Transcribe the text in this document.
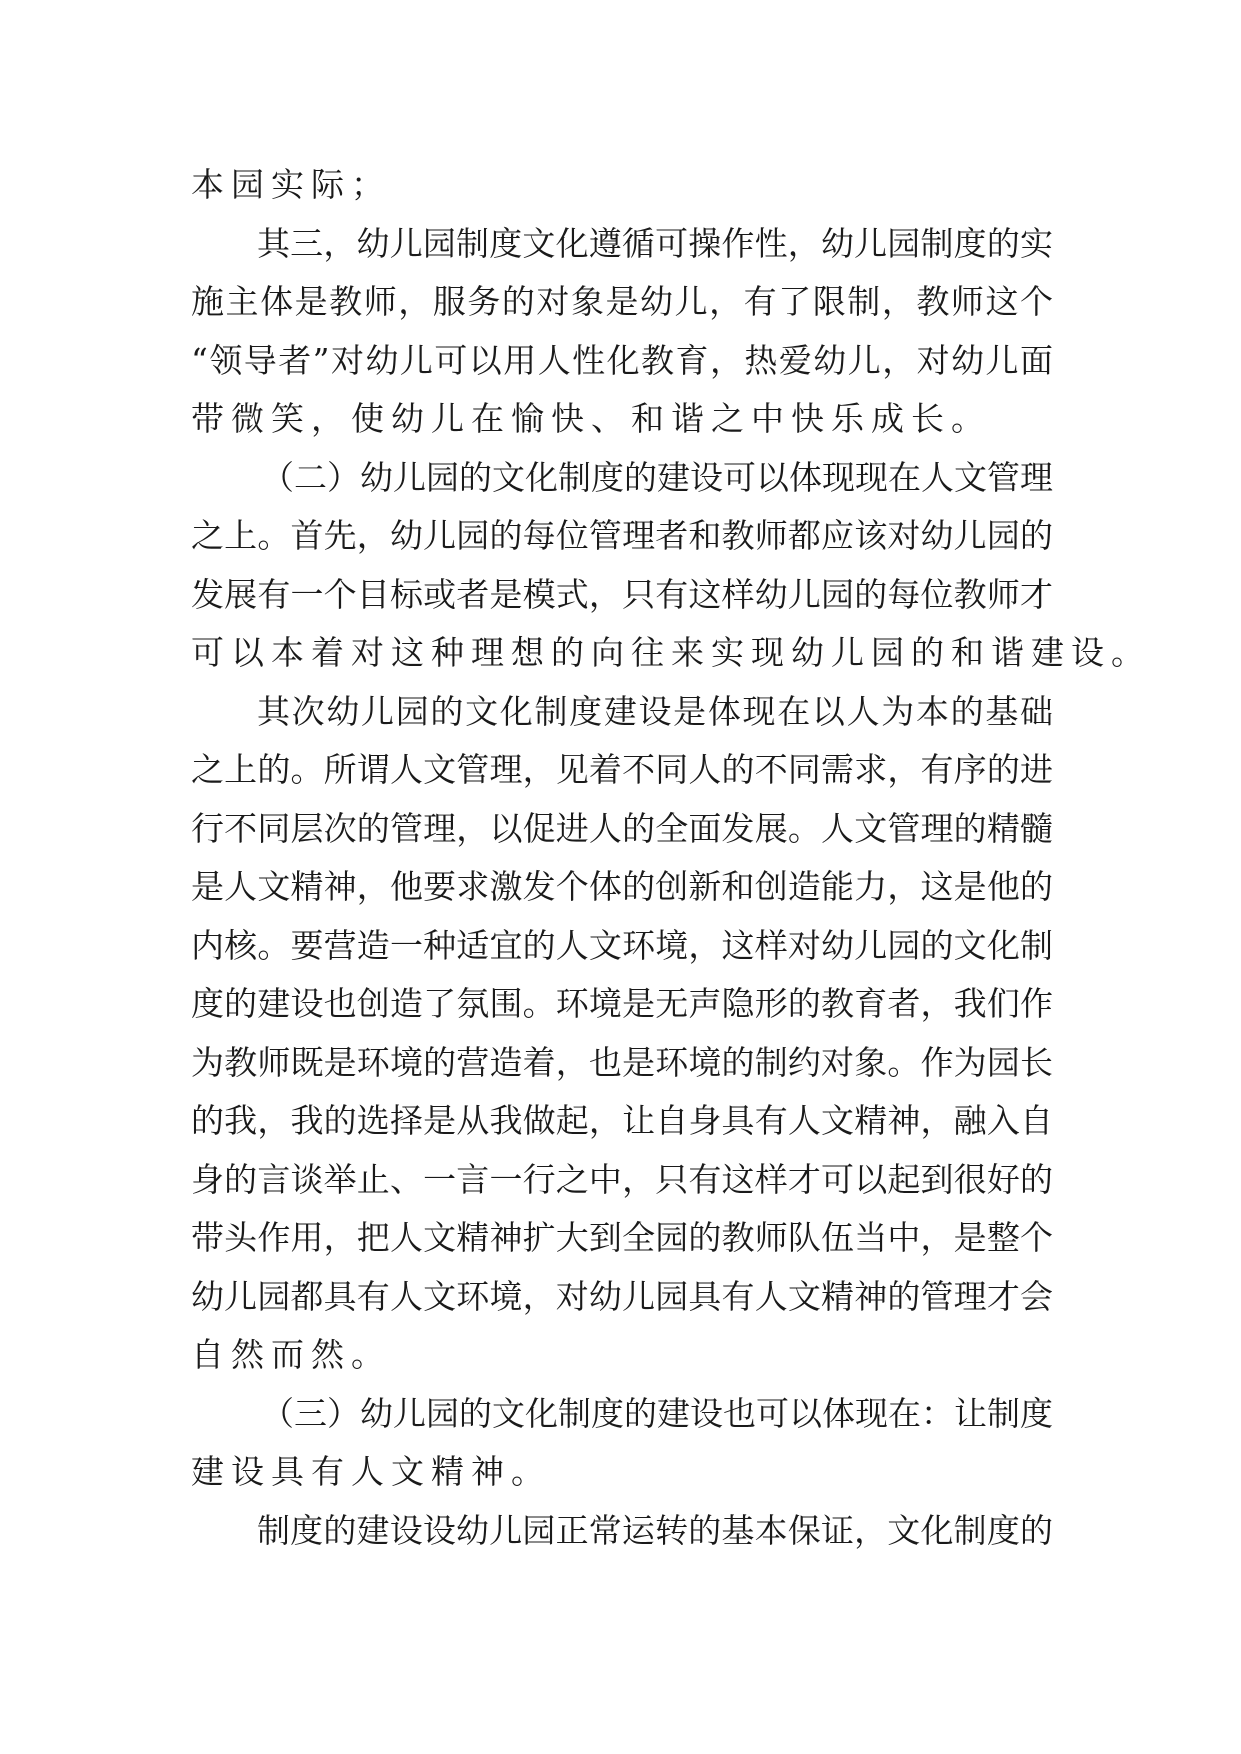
本园实际；
其三，幼儿园制度文化遵循可操作性，幼儿园制度的实
施主体是教师，服务的对象是幼儿，有了限制，教师这个
“领导者”对幼儿可以用人性化教育，热爱幼儿，对幼儿面
带微笑，使幼儿在愉快、和谐之中快乐成长。
（二）幼儿园的文化制度的建设可以体现现在人文管理
之上。首先，幼儿园的每位管理者和教师都应该对幼儿园的
发展有一个目标或者是模式，只有这样幼儿园的每位教师才
可以本着对这种理想的向往来实现幼儿园的和谐建设。
其次幼儿园的文化制度建设是体现在以人为本的基础
之上的。所谓人文管理，见着不同人的不同需求，有序的进
行不同层次的管理，以促进人的全面发展。人文管理的精髓
是人文精神，他要求激发个体的创新和创造能力，这是他的
内核。要营造一种适宜的人文环境，这样对幼儿园的文化制
度的建设也创造了氛围。环境是无声隐形的教育者，我们作
为教师既是环境的营造着，也是环境的制约对象。作为园长
的我，我的选择是从我做起，让自身具有人文精神，融入自
身的言谈举止、一言一行之中，只有这样才可以起到很好的
带头作用，把人文精神扩大到全园的教师队伍当中，是整个
幼儿园都具有人文环境，对幼儿园具有人文精神的管理才会
自然而然。
（三）幼儿园的文化制度的建设也可以体现在：让制度
建设具有人文精神。
制度的建设设幼儿园正常运转的基本保证，文化制度的
